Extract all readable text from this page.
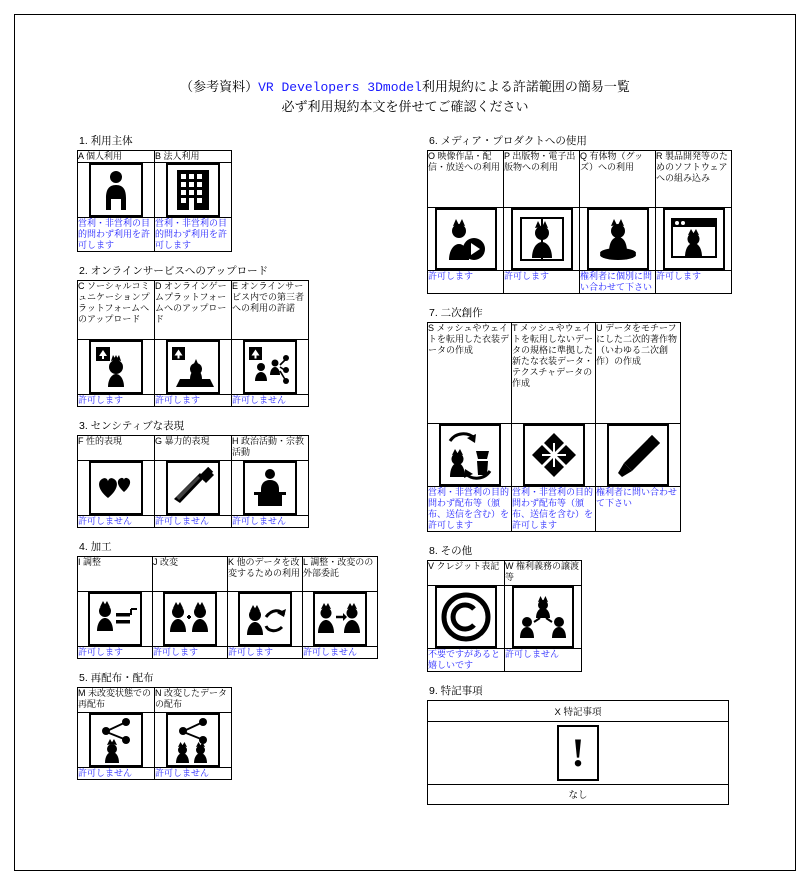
（参考資料）VR Developers 3Dmodel利用規約による許諾範囲の簡易一覧
必ず利用規約本文を併せてご確認ください
1. 利用主体
A 個人利用	B 法人利用

営利・非営利の目的問わず利用を許可します	営利・非営利の目的問わず利用を許可します
2. オンラインサービスへのアップロード
C ソーシャルコミュニケーションプラットフォームへのアップロード	D オンラインゲームプラットフォームへのアップロード	E オンラインサービス内での第三者への利用の許諾

許可します	許可します	許可しません
3. センシティブな表現
F 性的表現	G 暴力的表現	H 政治活動・宗教活動

許可しません	許可しません	許可しません
4. 加工
I 調整	J 改変	K 他のデータを改変するための利用	L 調整・改変のの外部委託

許可します	許可します	許可します	許可しません
5. 再配布・配布
M 未改変状態での再配布	N 改変したデータの配布

許可しません	許可しません
6. メディア・プロダクトへの使用
O 映像作品・配信・放送への利用	P 出版物・電子出版物への利用	Q 有体物（グッズ）への利用	R 製品開発等のためのソフトウェアへの組み込み

許可します	許可します	権利者に個別に問い合わせて下さい	許可します
7. 二次創作
S メッシュやウェイトを転用した衣装データの作成	T メッシュやウェイトを転用しないデータの規格に準拠した新たな衣装データ・テクスチャデータの作成	U データをモチーフにした二次的著作物（いわゆる二次創作）の作成

営利・非営利の目的問わず配布等（頒布、送信を含む）を許可します	営利・非営利の目的問わず配布等（頒布、送信を含む）を許可します	権利者に問い合わせて下さい
8. その他
V クレジット表記	W 権利義務の譲渡等

不要ですがあると嬉しいです	許可しません
9. 特記事項
X 特記事項
!
なし
